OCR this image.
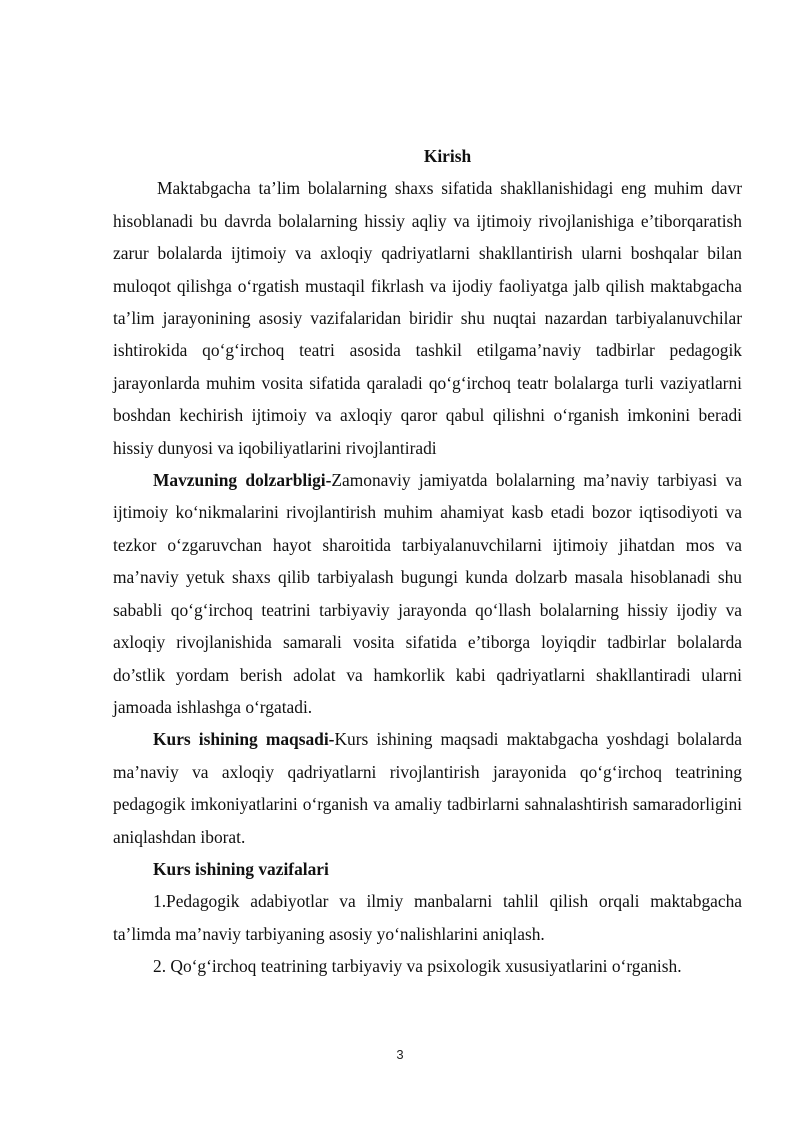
Kirish

Maktabgacha ta’lim bolalarning shaxs sifatida shakllanishidagi eng muhim davr hisoblanadi bu davrda bolalarning hissiy aqliy va ijtimoiy rivojlanishiga e’tiborqaratish zarur bolalarda ijtimoiy va axloqiy qadriyatlarni shakllantirish ularni boshqalar bilan muloqot qilishga o‘rgatish mustaqil fikrlash va ijodiy faoliyatga jalb qilish maktabgacha ta’lim jarayonining asosiy vazifalaridan biridir shu nuqtai nazardan tarbiyalanuvchilar ishtirokida qo‘g‘irchoq teatri asosida tashkil etilgama’naviy tadbirlar pedagogik jarayonlarda muhim vosita sifatida qaraladi qo‘g‘irchoq teatr bolalarga turli vaziyatlarni boshdan kechirish ijtimoiy va axloqiy qaror qabul qilishni o‘rganish imkonini beradi hissiy dunyosi va iqobiliyatlarini rivojlantiradi

Mavzuning dolzarbligi-Zamonaviy jamiyatda bolalarning ma’naviy tarbiyasi va ijtimoiy ko‘nikmalarini rivojlantirish muhim ahamiyat kasb etadi bozor iqtisodiyoti va tezkor o‘zgaruvchan hayot sharoitida tarbiyalanuvchilarni ijtimoiy jihatdan mos va ma’naviy yetuk shaxs qilib tarbiyalash bugungi kunda dolzarb masala hisoblanadi shu sababli qo‘g‘irchoq teatrini tarbiyaviy jarayonda qo‘llash bolalarning hissiy ijodiy va axloqiy rivojlanishida samarali vosita sifatida e’tiborga loyiqdir tadbirlar bolalarda do’stlik yordam berish adolat va hamkorlik kabi qadriyatlarni shakllantiradi ularni jamoada ishlashga o‘rgatadi.

Kurs ishining maqsadi-Kurs ishining maqsadi maktabgacha yoshdagi bolalarda ma’naviy va axloqiy qadriyatlarni rivojlantirish jarayonida qo‘g‘irchoq teatrining pedagogik imkoniyatlarini o‘rganish va amaliy tadbirlarni sahnalashtirish samaradorligini aniqlashdan iborat.

Kurs ishining vazifalari

1.Pedagogik adabiyotlar va ilmiy manbalarni tahlil qilish orqali maktabgacha ta’limda ma’naviy tarbiyaning asosiy yo‘nalishlarini aniqlash.

2. Qo‘g‘irchoq teatrining tarbiyaviy va psixologik xususiyatlarini o‘rganish.

3
